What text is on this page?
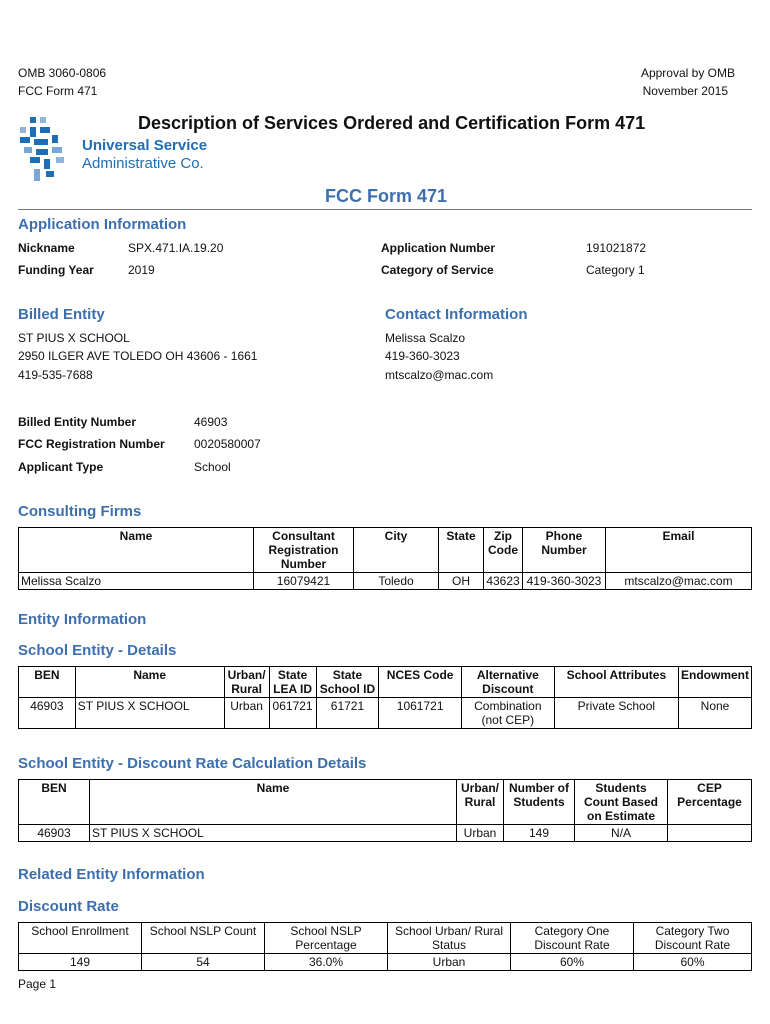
OMB 3060-0806
FCC Form 471
Approval by OMB
November 2015
Description of Services Ordered and Certification Form 471
Universal Service
Administrative Co.
FCC Form 471
Application Information
Nickname	SPX.471.IA.19.20	Application Number	191021872
Funding Year	2019	Category of Service	Category 1
Billed Entity
ST PIUS X SCHOOL
2950 ILGER AVE TOLEDO OH 43606 - 1661
419-535-7688
Contact Information
Melissa Scalzo
419-360-3023
mtscalzo@mac.com
Billed Entity Number	46903
FCC Registration Number 0020580007
Applicant Type	School
Consulting Firms
Name	Consultant Registration Number	City	State	Zip Code	Phone Number	Email
Melissa Scalzo	16079421	Toledo	OH	43623	419-360-3023	mtscalzo@mac.com
Entity Information
School Entity - Details
BEN	Name	Urban/ Rural	State LEA ID	State School ID	NCES Code	Alternative Discount	School Attributes	Endowment
46903	ST PIUS X SCHOOL	Urban	061721	61721	1061721	Combination (not CEP)	Private School	None
School Entity - Discount Rate Calculation Details
BEN	Name	Urban/ Rural	Number of Students	Students Count Based on Estimate	CEP Percentage
46903	ST PIUS X SCHOOL	Urban	149	N/A	
Related Entity Information
Discount Rate
School Enrollment	School NSLP Count	School NSLP Percentage	School Urban/ Rural Status	Category One Discount Rate	Category Two Discount Rate
149	54	36.0%	Urban	60%	60%
Page 1
